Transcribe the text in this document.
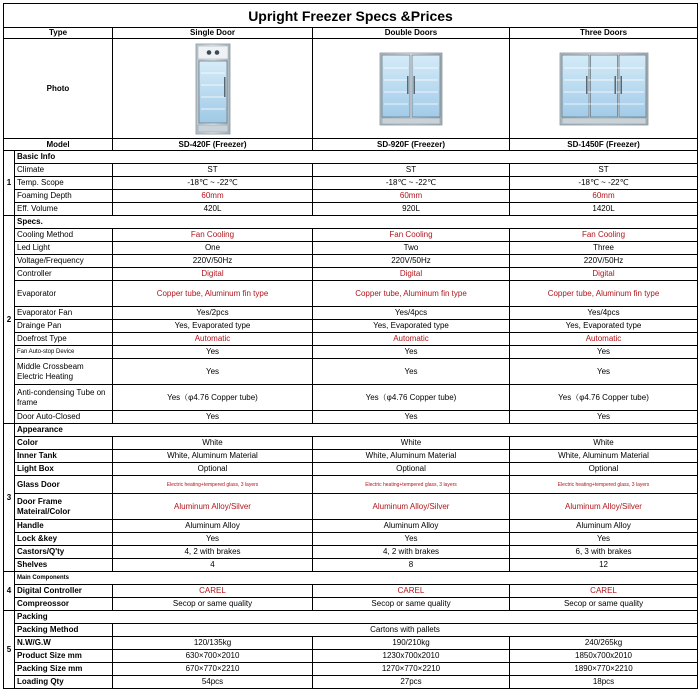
Upright Freezer Specs &Prices				
Type		Single Door	Double Doors	Three Doors
Photo	

Model		SD-420F (Freezer)	SD-920F (Freezer)	SD-1450F (Freezer)
1	Basic Info			
	Climate	ST	ST	ST
	Temp. Scope	-18℃ ~ -22℃	-18℃ ~ -22℃	-18℃ ~ -22℃
	Foaming Depth	60mm	60mm	60mm
	Eff. Volume	420L	920L	1420L
2	Specs.			
	Cooling Method	Fan Cooling	Fan Cooling	Fan Cooling
	Led Light	One	Two	Three
	Voltage/Frequency	220V/50Hz	220V/50Hz	220V/50Hz
	Controller	Digital	Digital	Digital
	Evaporator	Copper tube, Aluminum fin type	Copper tube, Aluminum fin type	Copper tube, Aluminum fin type
	Evaporator Fan	Yes/2pcs	Yes/4pcs	Yes/4pcs
	Drainge Pan	Yes, Evaporated type	Yes, Evaporated type	Yes, Evaporated type
	Doefrost Type	Automatic	Automatic	Automatic
	Fan Auto-stop Device	Yes	Yes	Yes
	Middle Crossbeam Electric Heating	Yes	Yes	Yes
	Anti-condensing Tube on frame	Yes（φ4.76 Copper tube)	Yes（φ4.76 Copper tube)	Yes（φ4.76 Copper tube)
	Door Auto-Closed	Yes	Yes	Yes
3	Appearance			
	Color	White	White	White
	Inner Tank	White, Aluminum Material	White, Aluminum Material	White, Aluminum Material
	Light Box	Optional	Optional	Optional
	Glass Door	Electric heating+tempered glass, 3 layers	Electric heating+tempered glass, 3 layers	Electric heating+tempered glass, 3 layers
	Door Frame Mateiral/Color	Aluminum Alloy/Silver	Aluminum Alloy/Silver	Aluminum Alloy/Silver
	Handle	Aluminum Alloy	Aluminum Alloy	Aluminum Alloy
	Lock &key	Yes	Yes	Yes
	Castors/Q'ty	4, 2 with brakes	4, 2 with brakes	6, 3 with brakes
	Shelves	4	8	12
4	Main Components			
	Digital Controller	CAREL	CAREL	CAREL
	Compreossor	Secop or same quality	Secop or same quality	Secop or same quality
5	Packing			
	Packing Method	Cartons with pallets		
	N.W/G.W	120/135kg	190/210kg	240/265kg
	Product Size mm	630×700×2010	1230x700x2010	1850x700x2010
	Packing Size mm	670×770×2210	1270×770×2210	1890×770×2210
	Loading Qty	54pcs	27pcs	18pcs
